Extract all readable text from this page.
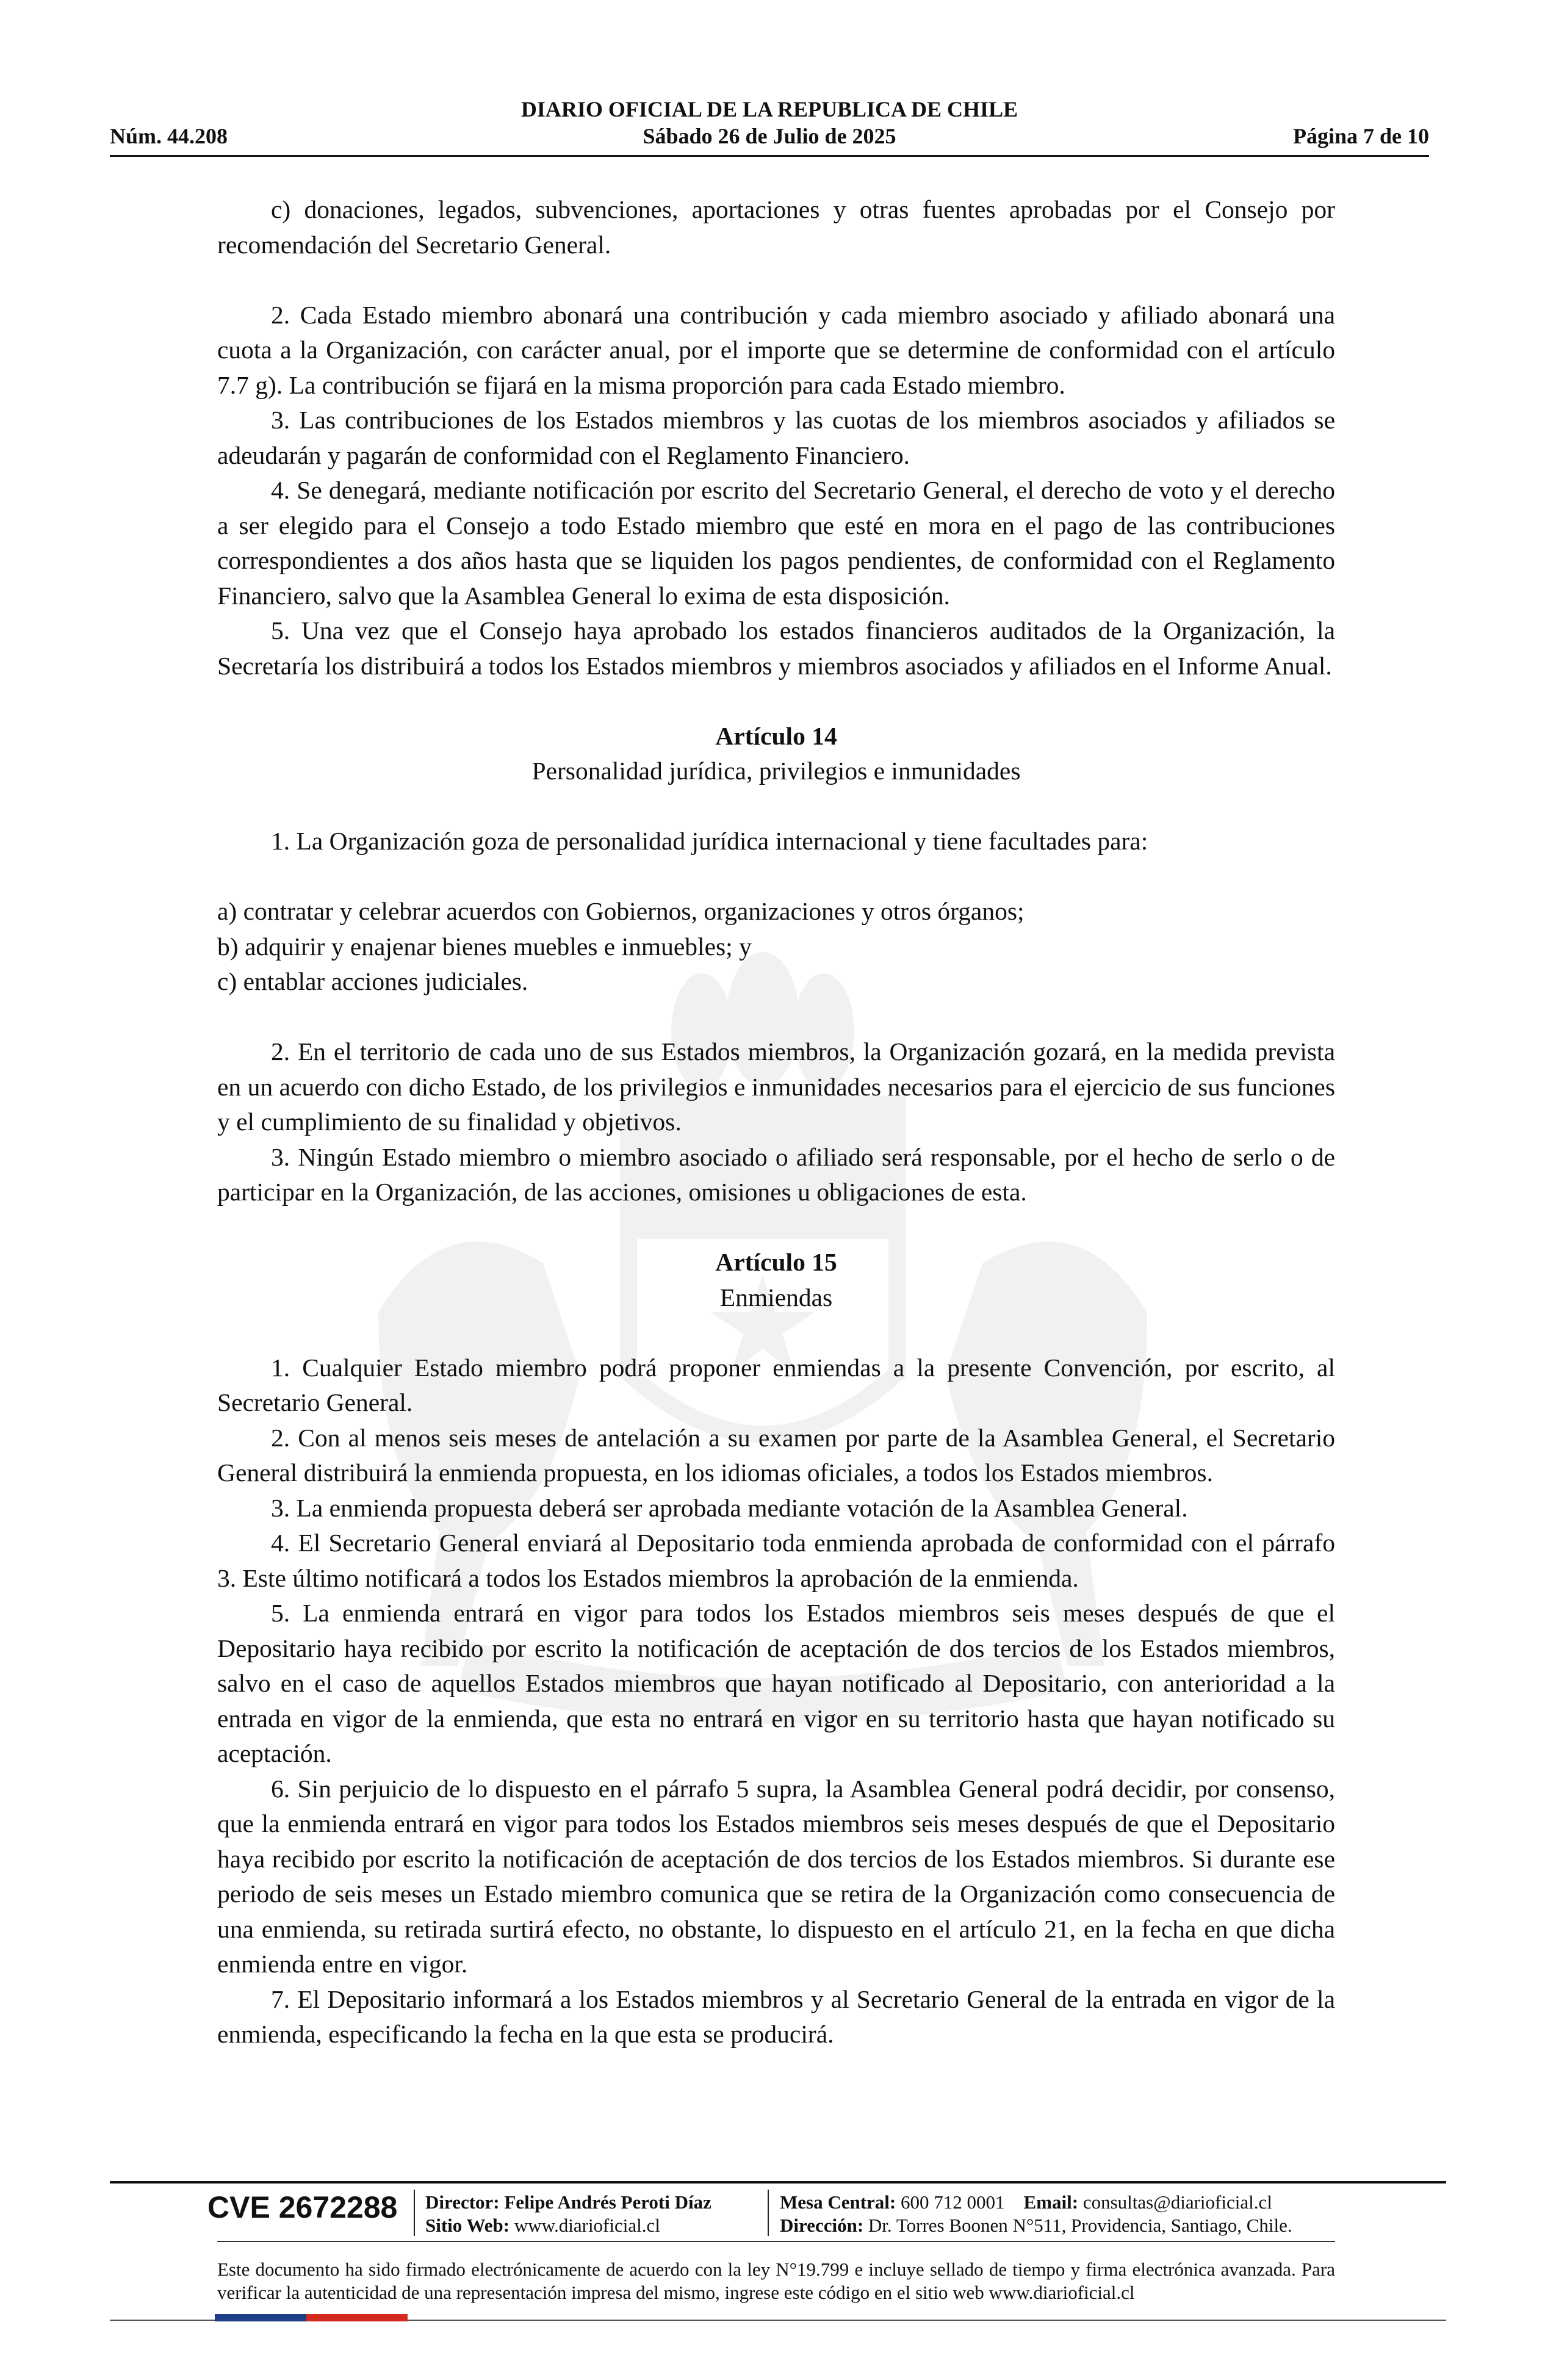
DIARIO OFICIAL DE LA REPUBLICA DE CHILE
Sábado 26 de Julio de 2025
Núm. 44.208	Página 7 de 10

c) donaciones, legados, subvenciones, aportaciones y otras fuentes aprobadas por el Consejo por recomendación del Secretario General.

2. Cada Estado miembro abonará una contribución y cada miembro asociado y afiliado abonará una cuota a la Organización, con carácter anual, por el importe que se determine de conformidad con el artículo 7.7 g). La contribución se fijará en la misma proporción para cada Estado miembro.

3. Las contribuciones de los Estados miembros y las cuotas de los miembros asociados y afiliados se adeudarán y pagarán de conformidad con el Reglamento Financiero.

4. Se denegará, mediante notificación por escrito del Secretario General, el derecho de voto y el derecho a ser elegido para el Consejo a todo Estado miembro que esté en mora en el pago de las contribuciones correspondientes a dos años hasta que se liquiden los pagos pendientes, de conformidad con el Reglamento Financiero, salvo que la Asamblea General lo exima de esta disposición.

5. Una vez que el Consejo haya aprobado los estados financieros auditados de la Organización, la Secretaría los distribuirá a todos los Estados miembros y miembros asociados y afiliados en el Informe Anual.

Artículo 14

Personalidad jurídica, privilegios e inmunidades

1. La Organización goza de personalidad jurídica internacional y tiene facultades para:

a) contratar y celebrar acuerdos con Gobiernos, organizaciones y otros órganos;

b) adquirir y enajenar bienes muebles e inmuebles; y

c) entablar acciones judiciales.

2. En el territorio de cada uno de sus Estados miembros, la Organización gozará, en la medida prevista en un acuerdo con dicho Estado, de los privilegios e inmunidades necesarios para el ejercicio de sus funciones y el cumplimiento de su finalidad y objetivos.

3. Ningún Estado miembro o miembro asociado o afiliado será responsable, por el hecho de serlo o de participar en la Organización, de las acciones, omisiones u obligaciones de esta.

Artículo 15

Enmiendas

1. Cualquier Estado miembro podrá proponer enmiendas a la presente Convención, por escrito, al Secretario General.

2. Con al menos seis meses de antelación a su examen por parte de la Asamblea General, el Secretario General distribuirá la enmienda propuesta, en los idiomas oficiales, a todos los Estados miembros.

3. La enmienda propuesta deberá ser aprobada mediante votación de la Asamblea General.

4. El Secretario General enviará al Depositario toda enmienda aprobada de conformidad con el párrafo 3. Este último notificará a todos los Estados miembros la aprobación de la enmienda.

5. La enmienda entrará en vigor para todos los Estados miembros seis meses después de que el Depositario haya recibido por escrito la notificación de aceptación de dos tercios de los Estados miembros, salvo en el caso de aquellos Estados miembros que hayan notificado al Depositario, con anterioridad a la entrada en vigor de la enmienda, que esta no entrará en vigor en su territorio hasta que hayan notificado su aceptación.

6. Sin perjuicio de lo dispuesto en el párrafo 5 supra, la Asamblea General podrá decidir, por consenso, que la enmienda entrará en vigor para todos los Estados miembros seis meses después de que el Depositario haya recibido por escrito la notificación de aceptación de dos tercios de los Estados miembros. Si durante ese periodo de seis meses un Estado miembro comunica que se retira de la Organización como consecuencia de una enmienda, su retirada surtirá efecto, no obstante, lo dispuesto en el artículo 21, en la fecha en que dicha enmienda entre en vigor.

7. El Depositario informará a los Estados miembros y al Secretario General de la entrada en vigor de la enmienda, especificando la fecha en la que esta se producirá.

CVE 2672288 Director: Felipe Andrés Peroti Díaz
Sitio Web: www.diarioficial.cl
Mesa Central: 600 712 0001 Email: consultas@diarioficial.cl
Dirección: Dr. Torres Boonen N°511, Providencia, Santiago, Chile.
Este documento ha sido firmado electrónicamente de acuerdo con la ley N°19.799 e incluye sellado de tiempo y firma electrónica avanzada. Para verificar la autenticidad de una representación impresa del mismo, ingrese este código en el sitio web www.diarioficial.cl
